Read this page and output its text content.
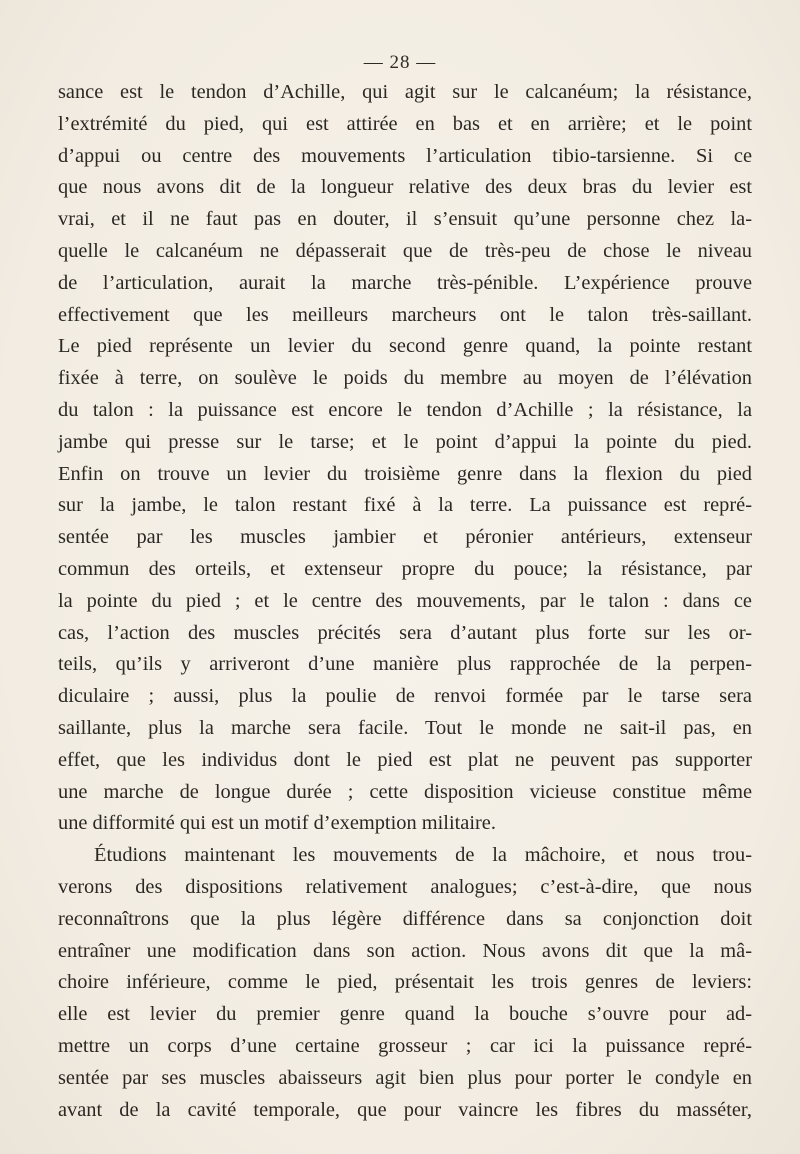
— 28 —
sance est le tendon d’Achille, qui agit sur le calcanéum; la résistance,
l’extrémité du pied, qui est attirée en bas et en arrière; et le point
d’appui ou centre des mouvements l’articulation tibio-tarsienne. Si ce
que nous avons dit de la longueur relative des deux bras du levier est
vrai, et il ne faut pas en douter, il s’ensuit qu’une personne chez la-
quelle le calcanéum ne dépasserait que de très-peu de chose le niveau
de l’articulation, aurait la marche très-pénible. L’expérience prouve
effectivement que les meilleurs marcheurs ont le talon très-saillant.
Le pied représente un levier du second genre quand, la pointe restant
fixée à terre, on soulève le poids du membre au moyen de l’élévation
du talon : la puissance est encore le tendon d’Achille ; la résistance, la
jambe qui presse sur le tarse; et le point d’appui la pointe du pied.
Enfin on trouve un levier du troisième genre dans la flexion du pied
sur la jambe, le talon restant fixé à la terre. La puissance est repré-
sentée par les muscles jambier et péronier antérieurs, extenseur
commun des orteils, et extenseur propre du pouce; la résistance, par
la pointe du pied ; et le centre des mouvements, par le talon : dans ce
cas, l’action des muscles précités sera d’autant plus forte sur les or-
teils, qu’ils y arriveront d’une manière plus rapprochée de la perpen-
diculaire ; aussi, plus la poulie de renvoi formée par le tarse sera
saillante, plus la marche sera facile. Tout le monde ne sait-il pas, en
effet, que les individus dont le pied est plat ne peuvent pas supporter
une marche de longue durée ; cette disposition vicieuse constitue même
une difformité qui est un motif d’exemption militaire.
Étudions maintenant les mouvements de la mâchoire, et nous trou-
verons des dispositions relativement analogues; c’est-à-dire, que nous
reconnaîtrons que la plus légère différence dans sa conjonction doit
entraîner une modification dans son action. Nous avons dit que la mâ-
choire inférieure, comme le pied, présentait les trois genres de leviers:
elle est levier du premier genre quand la bouche s’ouvre pour ad-
mettre un corps d’une certaine grosseur ; car ici la puissance repré-
sentée par ses muscles abaisseurs agit bien plus pour porter le condyle en
avant de la cavité temporale, que pour vaincre les fibres du masséter,
